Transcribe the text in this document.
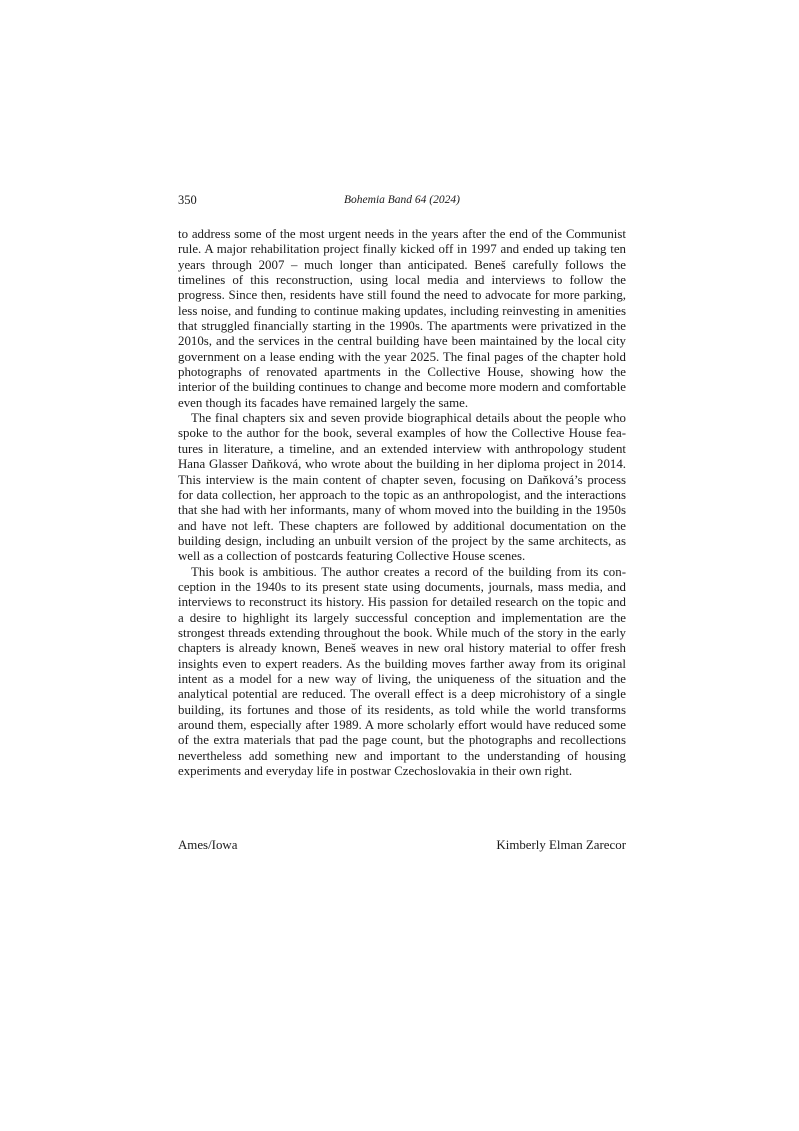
350	Bohemia Band 64 (2024)

to address some of the most urgent needs in the years after the end of the Communist rule. A major rehabilitation project finally kicked off in 1997 and ended up taking ten years through 2007 – much longer than anticipated. Beneš carefully follows the timelines of this reconstruction, using local media and interviews to follow the progress. Since then, residents have still found the need to advocate for more parking, less noise, and funding to continue making updates, including reinvesting in amenities that struggled financially starting in the 1990s. The apartments were privatized in the 2010s, and the services in the central building have been maintained by the local city government on a lease ending with the year 2025. The final pages of the chapter hold photographs of renovated apartments in the Collective House, showing how the interior of the building continues to change and become more modern and comfortable even though its facades have remained largely the same.

The final chapters six and seven provide biographical details about the people who spoke to the author for the book, several examples of how the Collective House features in literature, a timeline, and an extended interview with anthropology student Hana Glasser Daňková, who wrote about the building in her diploma project in 2014. This interview is the main content of chapter seven, focusing on Daňková’s process for data collection, her approach to the topic as an anthropologist, and the interactions that she had with her informants, many of whom moved into the building in the 1950s and have not left. These chapters are followed by additional documentation on the building design, including an unbuilt version of the project by the same architects, as well as a collection of postcards featuring Collective House scenes.

This book is ambitious. The author creates a record of the building from its conception in the 1940s to its present state using documents, journals, mass media, and interviews to reconstruct its history. His passion for detailed research on the topic and a desire to highlight its largely successful conception and implementation are the strongest threads extending throughout the book. While much of the story in the early chapters is already known, Beneš weaves in new oral history material to offer fresh insights even to expert readers. As the building moves farther away from its original intent as a model for a new way of living, the uniqueness of the situation and the analytical potential are reduced. The overall effect is a deep microhistory of a single building, its fortunes and those of its residents, as told while the world transforms around them, especially after 1989. A more scholarly effort would have reduced some of the extra materials that pad the page count, but the photographs and recollections nevertheless add something new and important to the understanding of housing experiments and everyday life in postwar Czechoslovakia in their own right.

Ames/Iowa	Kimberly Elman Zarecor
